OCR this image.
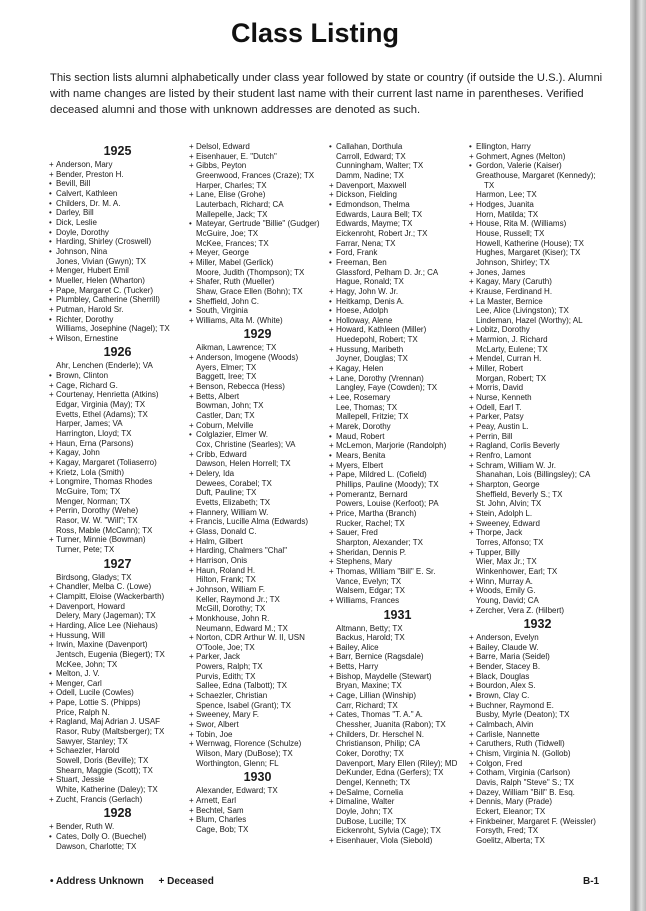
Class Listing
This section lists alumni alphabetically under class year followed by state or country (if outside the U.S.). Alumni with name changes are listed by their student last name with their current last name in parentheses. Verified deceased alumni and those with unknown addresses are denoted as such.
1925
+ Anderson, Mary
+ Bender, Preston H.
• Bevill, Bill
• Calvert, Kathleen
• Childers, Dr. M. A.
• Darley, Bill
• Dick, Leslie
• Doyle, Dorothy
• Harding, Shirley (Croswell)
• Johnson, Nina
Jones, Vivian (Gwyn); TX
+ Menger, Hubert Emil
• Mueller, Helen (Wharton)
+ Pape, Margaret C. (Tucker)
• Plumbley, Catherine (Sherrill)
+ Putman, Harold Sr.
• Richter, Dorothy
Williams, Josephine (Nagel); TX
+ Wilson, Ernestine
1926
Ahr, Lenchen (Enderle); VA
• Brown, Clinton
+ Cage, Richard G.
+ Courtenay, Henrietta (Atkins)
Edgar, Virginia (May); TX
Evetts, Ethel (Adams); TX
Harper, James; VA
Harrington, Lloyd; TX
+ Haun, Erna (Parsons)
+ Kagay, John
+ Kagay, Margaret (Toliaserro)
+ Krietz, Lola (Smith)
+ Longmire, Thomas Rhodes
McGuire, Tom; TX
Menger, Norman; TX
+ Perrin, Dorothy (Wehe)
Rasor, W. W. "Will"; TX
Ross, Mable (McCann); TX
+ Turner, Minnie (Bowman)
Turner, Pete; TX
1927
Birdsong, Gladys; TX
+ Chandler, Melba C. (Lowe)
+ Clampitt, Eloise (Wackerbarth)
+ Davenport, Howard
Delery, Mary (Jageman); TX
+ Harding, Alice Lee (Niehaus)
+ Hussung, Will
+ Irwin, Maxine (Davenport)
Jentsch, Eugenia (Biegert); TX
McKee, John; TX
• Melton, J. V.
+ Menger, Carl
+ Odell, Lucile (Cowles)
+ Pape, Lottie S. (Phipps)
Price, Ralph N.
+ Ragland, Maj Adrian J. USAF
Rasor, Ruby (Maltsberger); TX
Sawyer, Stanley; TX
+ Schaezler, Harold
Sowell, Doris (Beville); TX
Shearn, Maggie (Scott); TX
+ Stuart, Jessie
White, Katherine (Daley); TX
+ Zucht, Francis (Gerlach)
1928
+ Bender, Ruth W.
• Cates, Dolly O. (Buechel)
Dawson, Charlotte; TX
+ Delsol, Edward
+ Eisenhauer, E. "Dutch"
+ Gibbs, Peyton
Greenwood, Frances (Craze); TX
Harper, Charles; TX
+ Lane, Elise (Grohe)
Lauterbach, Richard; CA
Mallepelle, Jack; TX
• Mateyar, Gertrude "Billie" (Gudger)
McGuire, Joe; TX
McKee, Frances; TX
+ Meyer, George
+ Miller, Mabel (Gerlick)
Moore, Judith (Thompson); TX
+ Shafer, Ruth (Mueller)
Shaw, Grace Ellen (Bohn); TX
• Sheffield, John C.
• South, Virginia
+ Williams, Alta M. (White)
1929
Aikman, Lawrence; TX
+ Anderson, Imogene (Woods)
Ayers, Elmer; TX
Baggett, Iree; TX
+ Benson, Rebecca (Hess)
+ Betts, Albert
Bowman, John; TX
Castler, Dan; TX
+ Coburn, Melville
• Colglazier, Elmer W.
Cox, Christine (Searles); VA
+ Cribb, Edward
Dawson, Helen Horrell; TX
+ Delery, Ida
Dewees, Corabel; TX
Duft, Pauline; TX
Evetts, Elizabeth; TX
+ Flannery, William W.
+ Francis, Lucille Alma (Edwards)
+ Glass, Donald C.
+ Halm, Gilbert
+ Harding, Chalmers "Chal"
+ Harrison, Onis
+ Haun, Roland H.
Hilton, Frank; TX
+ Johnson, William F.
Keller, Raymond Jr.; TX
McGill, Dorothy; TX
+ Monkhouse, John R.
Neumann, Edward M.; TX
+ Norton, CDR Arthur W. II, USN
O'Toole, Joe; TX
+ Parker, Jack
Powers, Ralph; TX
Purvis, Edith; TX
Sallee, Edna (Talbott); TX
+ Schaezler, Christian
Spence, Isabel (Grant); TX
+ Sweeney, Mary F.
+ Swor, Albert
+ Tobin, Joe
+ Wernwag, Florence (Schulze)
Wilson, Mary (DuBose); TX
Worthington, Glenn; FL
1930
Alexander, Edward; TX
+ Arnett, Earl
+ Bechtel, Sam
+ Blum, Charles
Cage, Bob; TX
• Callahan, Dorthula
Carroll, Edward; TX
Cunningham, Walter; TX
Damm, Nadine; TX
+ Davenport, Maxwell
+ Dickson, Fielding
• Edmondson, Thelma
Edwards, Laura Bell; TX
Edwards, Mayme; TX
Eickenroht, Robert Jr.; TX
Farrar, Nena; TX
• Ford, Frank
• Freeman, Ben
Glassford, Pelham D. Jr.; CA
Hague, Ronald; TX
+ Hagy, John W. Jr.
• Heitkamp, Denis A.
• Hoese, Adolph
• Holloway, Alene
+ Howard, Kathleen (Miller)
Huedepohl, Robert; TX
+ Hussung, Maribeth
Joyner, Douglas; TX
+ Kagay, Helen
+ Lane, Dorothy (Vrennan)
Langley, Faye (Cowden); TX
+ Lee, Rosemary
Lee, Thomas; TX
Mallepell, Fritzie; TX
+ Marek, Dorothy
• Maud, Robert
+ McLemon, Marjorie (Randolph)
• Mears, Benita
+ Myers, Elbert
+ Pape, Mildred L. (Cofield)
Phillips, Pauline (Moody); TX
+ Pomerantz, Bernard
Powers, Louise (Kerfoot); PA
+ Price, Martha (Branch)
Rucker, Rachel; TX
+ Sauer, Fred
Sharpton, Alexander; TX
+ Sheridan, Dennis P.
+ Stephens, Mary
+ Thomas, William "Bill" E. Sr.
Vance, Evelyn; TX
Walsem, Edgar; TX
+ Williams, Frances
1931
Altmann, Betty; TX
Backus, Harold; TX
+ Bailey, Alice
+ Barr, Bernice (Ragsdale)
+ Betts, Harry
+ Bishop, Maydelle (Stewart)
Bryan, Maxine; TX
+ Cage, Lillian (Winship)
Carr, Richard; TX
+ Cates, Thomas "T. A." A.
Chessher, Juanita (Rabon); TX
+ Childers, Dr. Herschel N.
Christianson, Philip; CA
Coker, Dorothy; TX
Davenport, Mary Ellen (Riley); MD
DeKunder, Edna (Gerfers); TX
Dengel, Kenneth; TX
+ DeSalme, Cornelia
+ Dimaline, Walter
Doyle, John; TX
DuBose, Lucille; TX
Eickenroht, Sylvia (Cage); TX
+ Eisenhauer, Viola (Siebold)
• Ellington, Harry
+ Gohmert, Agnes (Melton)
• Gordon, Valerie (Kaiser)
Greathouse, Margaret (Kennedy); TX
Harmon, Lee; TX
+ Hodges, Juanita
Horn, Matilda; TX
+ House, Rita M. (Williams)
House, Russell; TX
Howell, Katherine (House); TX
Hughes, Margaret (Kiser); TX
Johnson, Shirley; TX
+ Jones, James
+ Kagay, Mary (Caruth)
+ Krause, Ferdinand H.
+ La Master, Bernice
Lee, Alice (Livingston); TX
Lindeman, Hazel (Worthy); AL
+ Lobitz, Dorothy
+ Marmion, J. Richard
McLarty, Eulene; TX
+ Mendel, Curran H.
+ Miller, Robert
Morgan, Robert; TX
+ Morris, David
+ Nurse, Kenneth
+ Odell, Earl T.
+ Parker, Patsy
+ Peay, Austin L.
+ Perrin, Bill
+ Ragland, Corlis Beverly
+ Renfro, Lamont
+ Schram, William W. Jr.
Shanahan, Lois (Billingsley); CA
+ Sharpton, George
Sheffield, Beverly S.; TX
St. John, Alvin; TX
+ Stein, Adolph L.
+ Sweeney, Edward
+ Thorpe, Jack
Torres, Alfonso; TX
+ Tupper, Billy
Wier, Max Jr.; TX
Winkenhower, Earl; TX
+ Winn, Murray A.
+ Woods, Emily G.
Young, David; CA
+ Zercher, Vera Z. (Hilbert)
1932
+ Anderson, Evelyn
+ Bailey, Claude W.
+ Barre, Maria (Seidel)
+ Bender, Stacey B.
+ Black, Douglas
+ Bourdon, Alex S.
• Brown, Clay C.
+ Buchner, Raymond E.
Busby, Myrle (Deaton); TX
+ Calmbach, Alvin
+ Carlisle, Nannette
+ Caruthers, Ruth (Tidwell)
+ Chism, Virginia N. (Gollob)
+ Colgon, Fred
+ Cotham, Virginia (Carlson)
Davis, Ralph "Steve" S.; TX
+ Dazey, William "Bill" B. Esq.
+ Dennis, Mary (Prade)
Eckert, Eleanor; TX
+ Finkbeiner, Margaret F. (Weissler)
Forsyth, Fred; TX
Goelitz, Alberta; TX
• Address Unknown + Deceased	B-1
